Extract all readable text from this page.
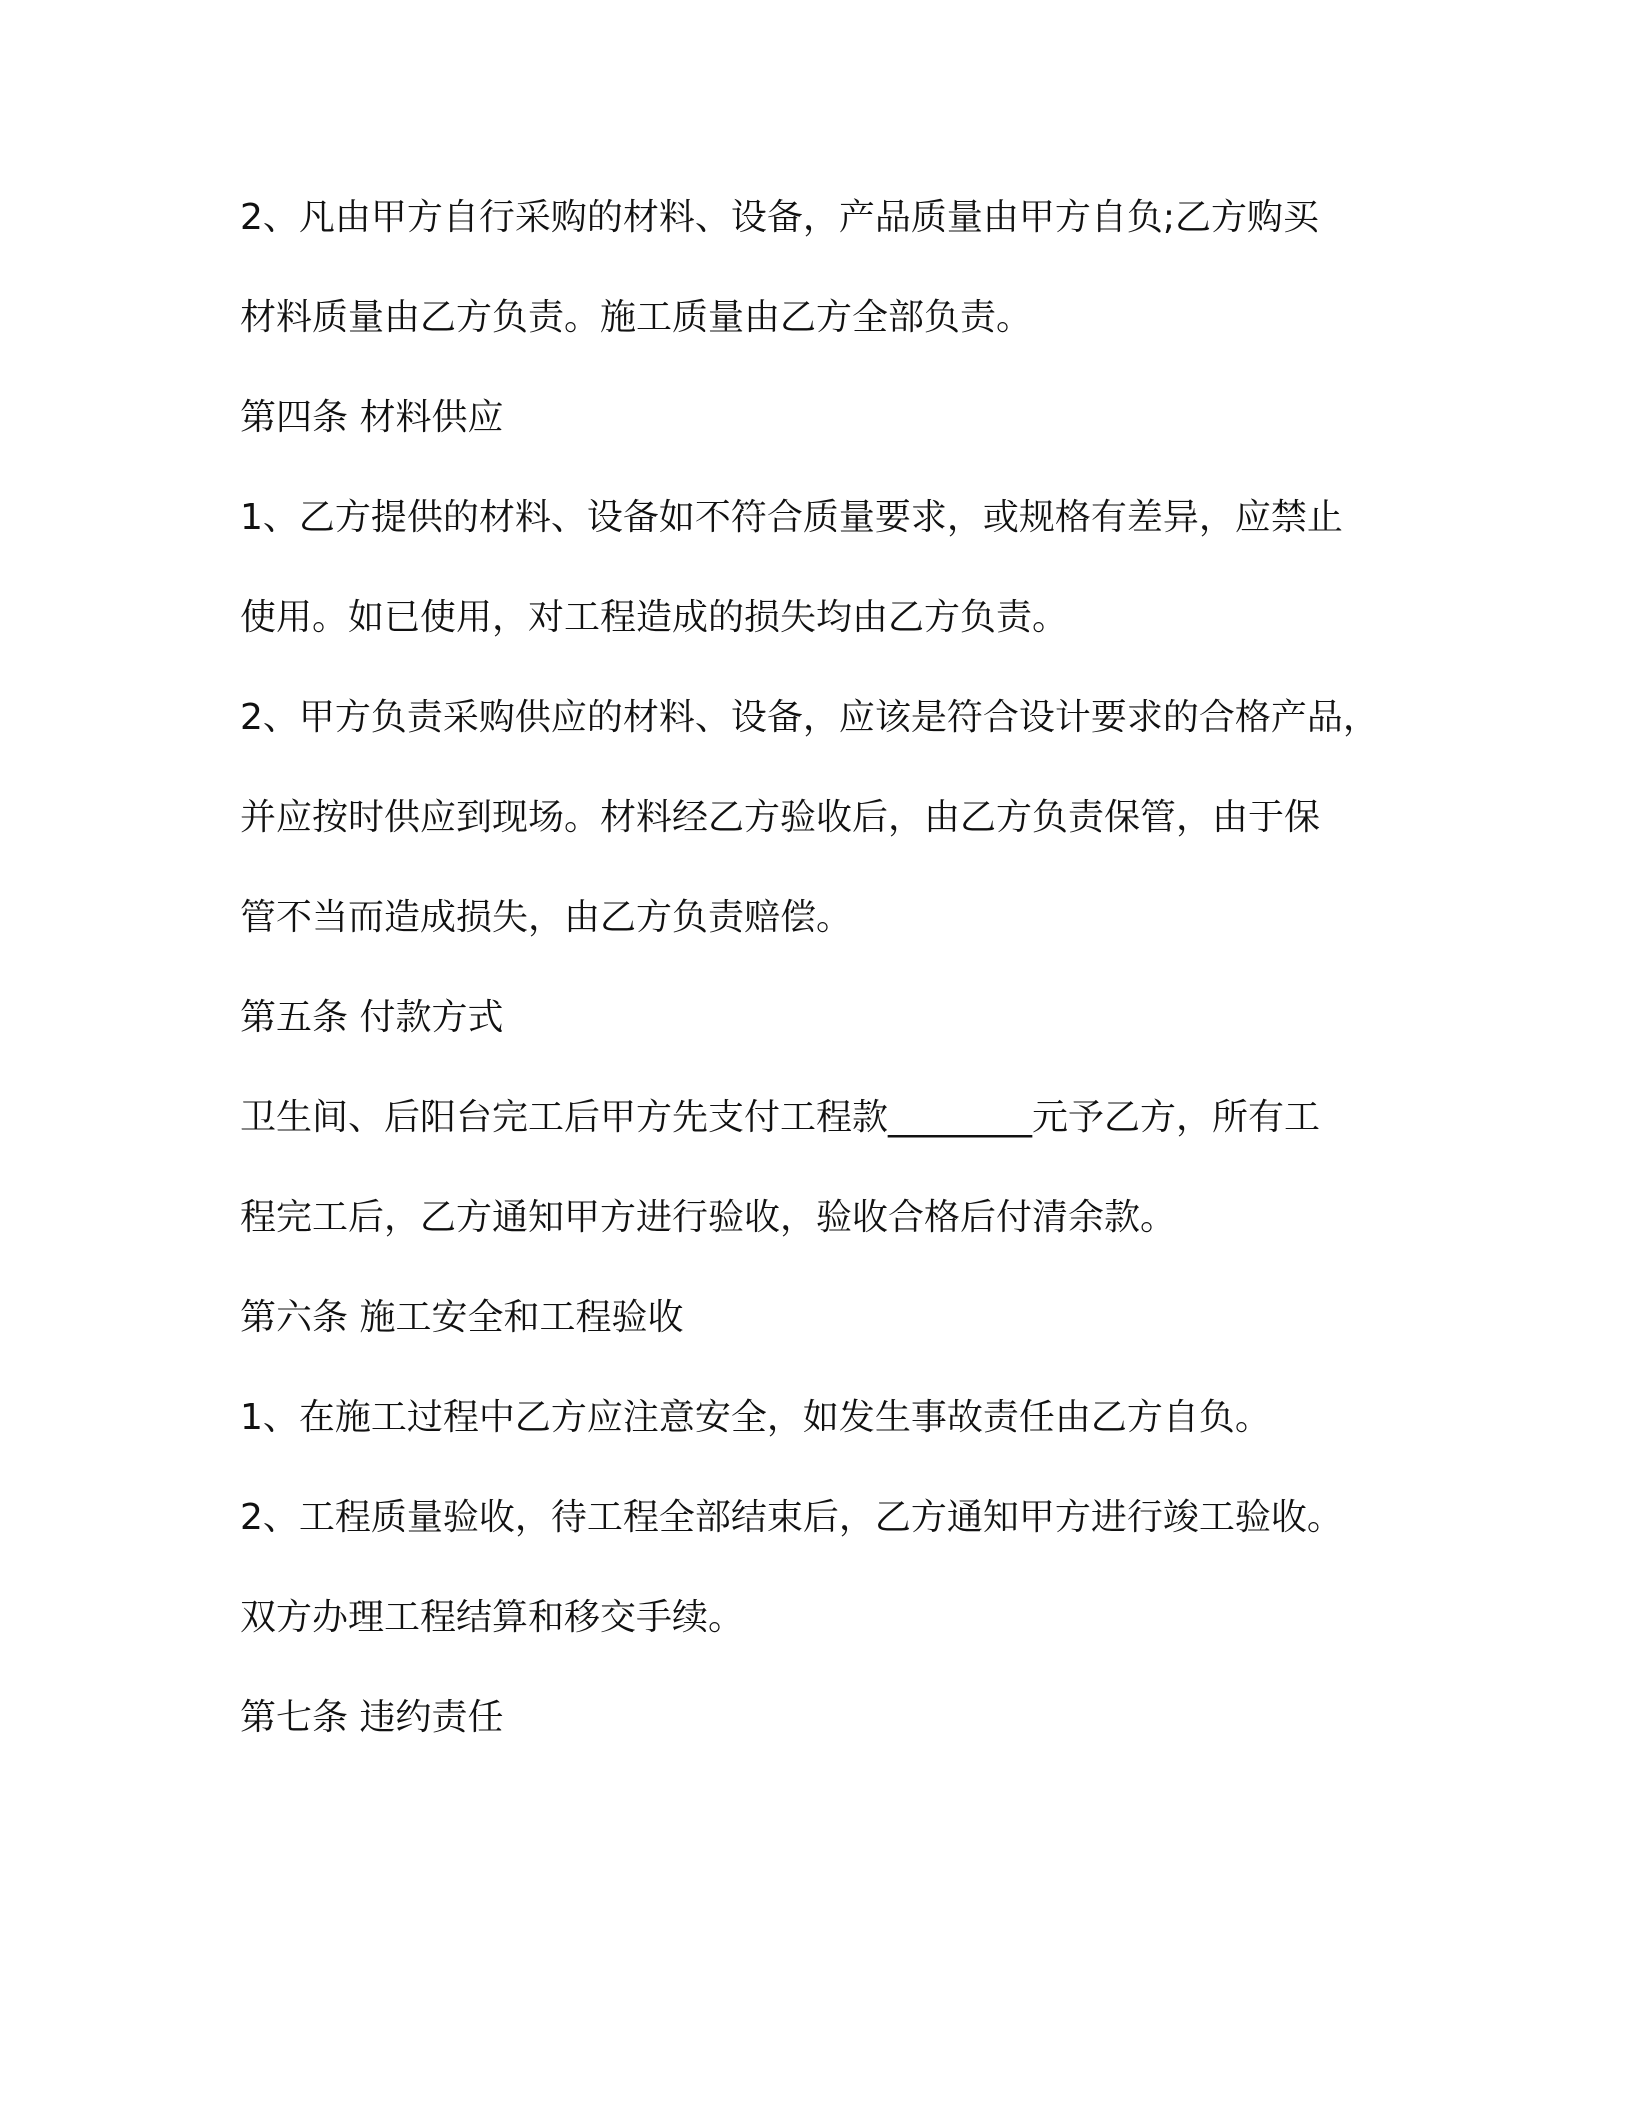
2、凡由甲方自行采购的材料、设备，产品质量由甲方自负;乙方购买
材料质量由乙方负责。施工质量由乙方全部负责。
第四条 材料供应
1、乙方提供的材料、设备如不符合质量要求，或规格有差异，应禁止
使用。如已使用，对工程造成的损失均由乙方负责。
2、甲方负责采购供应的材料、设备，应该是符合设计要求的合格产品，
并应按时供应到现场。材料经乙方验收后，由乙方负责保管，由于保
管不当而造成损失，由乙方负责赔偿。
第五条 付款方式
卫生间、后阳台完工后甲方先支付工程款________元予乙方，所有工
程完工后，乙方通知甲方进行验收，验收合格后付清余款。
第六条 施工安全和工程验收
1、在施工过程中乙方应注意安全，如发生事故责任由乙方自负。
2、工程质量验收，待工程全部结束后，乙方通知甲方进行竣工验收。
双方办理工程结算和移交手续。
第七条 违约责任
